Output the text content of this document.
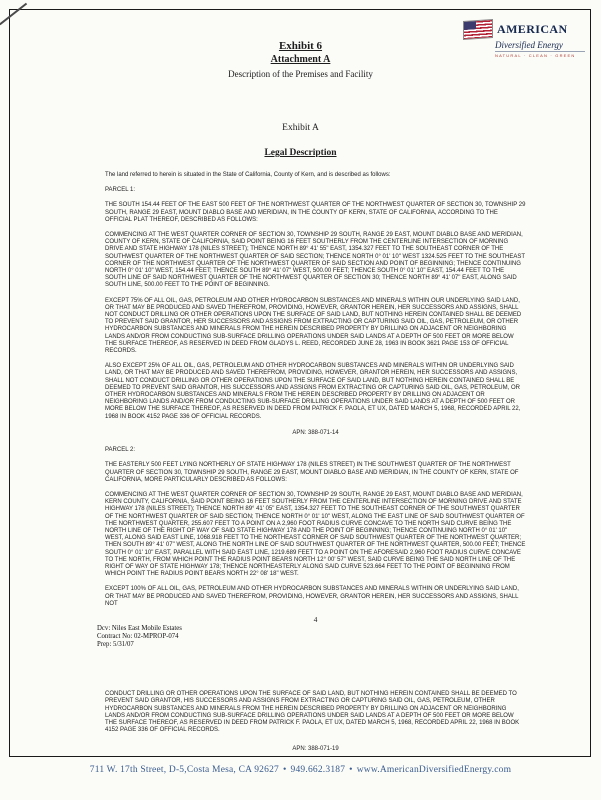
AMERICAN
Diversified Energy
NATURAL · CLEAN · GREEN
Exhibit 6
Attachment A
Description of the Premises and Facility
Exhibit A
Legal Description

The land referred to herein is situated in the State of California, County of Kern, and is described as follows:

PARCEL 1:

THE SOUTH 154.44 FEET OF THE EAST 500 FEET OF THE NORTHWEST QUARTER OF THE NORTHWEST QUARTER OF SECTION 30, TOWNSHIP 29 SOUTH, RANGE 29 EAST, MOUNT DIABLO BASE AND MERIDIAN, IN THE COUNTY OF KERN, STATE OF CALIFORNIA, ACCORDING TO THE OFFICIAL PLAT THEREOF, DESCRIBED AS FOLLOWS:

COMMENCING AT THE WEST QUARTER CORNER OF SECTION 30, TOWNSHIP 29 SOUTH, RANGE 29 EAST, MOUNT DIABLO BASE AND MERIDIAN, COUNTY OF KERN, STATE OF CALIFORNIA, SAID POINT BEING 16 FEET SOUTHERLY FROM THE CENTERLINE INTERSECTION OF MORNING DRIVE AND STATE HIGHWAY 178 (NILES STREET); THENCE NORTH 89° 41' 55" EAST, 1354.327 FEET TO THE SOUTHEAST CORNER OF THE SOUTHWEST QUARTER OF THE NORTHWEST QUARTER OF SAID SECTION; THENCE NORTH 0° 01' 10" WEST 1324.525 FEET TO THE SOUTHEAST CORNER OF THE NORTHWEST QUARTER OF THE NORTHWEST QUARTER OF SAID SECTION AND POINT OF BEGINNING; THENCE CONTINUING NORTH 0° 01' 10" WEST, 154.44 FEET; THENCE SOUTH 89° 41' 07" WEST, 500.00 FEET; THENCE SOUTH 0° 01' 10" EAST, 154.44 FEET TO THE SOUTH LINE OF SAID NORTHWEST QUARTER OF THE NORTHWEST QUARTER OF SECTION 30; THENCE NORTH 89° 41' 07" EAST, ALONG SAID SOUTH LINE, 500.00 FEET TO THE POINT OF BEGINNING.

EXCEPT 75% OF ALL OIL, GAS, PETROLEUM AND OTHER HYDROCARBON SUBSTANCES AND MINERALS WITHIN OUR UNDERLYING SAID LAND, OR THAT MAY BE PRODUCED AND SAVED THEREFROM, PROVIDING, HOWEVER, GRANTOR HEREIN, HER SUCCESSORS AND ASSIGNS, SHALL NOT CONDUCT DRILLING OR OTHER OPERATIONS UPON THE SURFACE OF SAID LAND, BUT NOTHING HEREIN CONTAINED SHALL BE DEEMED TO PREVENT SAID GRANTOR, HER SUCCESSORS AND ASSIGNS FROM EXTRACTING OR CAPTURING SAID OIL, GAS, PETROLEUM, OR OTHER HYDROCARBON SUBSTANCES AND MINERALS FROM THE HEREIN DESCRIBED PROPERTY BY DRILLING ON ADJACENT OR NEIGHBORING LANDS AND/OR FROM CONDUCTING SUB-SURFACE DRILLING OPERATIONS UNDER SAID LANDS AT A DEPTH OF 500 FEET OR MORE BELOW THE SURFACE THEREOF, AS RESERVED IN DEED FROM GLADYS L. REED, RECORDED JUNE 28, 1963 IN BOOK 3621 PAGE 153 OF OFFICIAL RECORDS.

ALSO EXCEPT 25% OF ALL OIL, GAS, PETROLEUM AND OTHER HYDROCARBON SUBSTANCES AND MINERALS WITHIN OR UNDERLYING SAID LAND, OR THAT MAY BE PRODUCED AND SAVED THEREFROM, PROVIDING, HOWEVER, GRANTOR HEREIN, HER SUCCESSORS AND ASSIGNS, SHALL NOT CONDUCT DRILLING OR OTHER OPERATIONS UPON THE SURFACE OF SAID LAND, BUT NOTHING HEREIN CONTAINED SHALL BE DEEMED TO PREVENT SAID GRANTOR, HIS SUCCESSORS AND ASSIGNS FROM EXTRACTING OR CAPTURING SAID OIL, GAS, PETROLEUM, OR OTHER HYDROCARBON SUBSTANCES AND MINERALS FROM THE HEREIN DESCRIBED PROPERTY BY DRILLING ON ADJACENT OR NEIGHBORING LANDS AND/OR FROM CONDUCTING SUB-SURFACE DRILLING OPERATIONS UNDER SAID LANDS AT A DEPTH OF 500 FEET OR MORE BELOW THE SURFACE THEREOF, AS RESERVED IN DEED FROM PATRICK F. PAOLA, ET UX, DATED MARCH 5, 1968, RECORDED APRIL 22, 1968 IN BOOK 4152 PAGE 336 OF OFFICIAL RECORDS.

APN: 388-071-14

PARCEL 2:

THE EASTERLY 500 FEET LYING NORTHERLY OF STATE HIGHWAY 178 (NILES STREET) IN THE SOUTHWEST QUARTER OF THE NORTHWEST QUARTER OF SECTION 30, TOWNSHIP 29 SOUTH, RANGE 29 EAST, MOUNT DIABLO BASE AND MERIDIAN, IN THE COUNTY OF KERN, STATE OF CALIFORNIA, MORE PARTICULARLY DESCRIBED AS FOLLOWS:

COMMENCING AT THE WEST QUARTER CORNER OF SECTION 30, TOWNSHIP 29 SOUTH, RANGE 29 EAST, MOUNT DIABLO BASE AND MERIDIAN, KERN COUNTY, CALIFORNIA, SAID POINT BEING 16 FEET SOUTHERLY FROM THE CENTERLINE INTERSECTION OF MORNING DRIVE AND STATE HIGHWAY 178 (NILES STREET); THENCE NORTH 89° 41' 05" EAST, 1354.327 FEET TO THE SOUTHEAST CORNER OF THE SOUTHWEST QUARTER OF THE NORTHWEST QUARTER OF SAID SECTION; THENCE NORTH 0° 01' 10" WEST, ALONG THE EAST LINE OF SAID SOUTHWEST QUARTER OF THE NORTHWEST QUARTER, 255.607 FEET TO A POINT ON A 2,960 FOOT RADIUS CURVE CONCAVE TO THE NORTH SAID CURVE BEING THE NORTH LINE OF THE RIGHT OF WAY OF SAID STATE HIGHWAY 178 AND THE POINT OF BEGINNING; THENCE CONTINUING NORTH 0° 01' 10" WEST, ALONG SAID EAST LINE, 1068.918 FEET TO THE NORTHEAST CORNER OF SAID SOUTHWEST QUARTER OF THE NORTHWEST QUARTER; THEN SOUTH 89° 41' 07" WEST, ALONG THE NORTH LINE OF SAID SOUTHWEST QUARTER OF THE NORTHWEST QUARTER, 500.00 FEET; THENCE SOUTH 0° 01' 10" EAST, PARALLEL WITH SAID EAST LINE, 1219.689 FEET TO A POINT ON THE AFORESAID 2,960 FOOT RADIUS CURVE CONCAVE TO THE NORTH, FROM WHICH POINT THE RADIUS POINT BEARS NORTH 12° 00' 57" WEST, SAID CURVE BEING THE SAID NORTH LINE OF THE RIGHT OF WAY OF STATE HIGHWAY 178; THENCE NORTHEASTERLY ALONG SAID CURVE 523.664 FEET TO THE POINT OF BEGINNING FROM WHICH POINT THE RADIUS POINT BEARS NORTH 22° 08' 18" WEST.

EXCEPT 100% OF ALL OIL, GAS, PETROLEUM AND OTHER HYDROCARBON SUBSTANCES AND MINERALS WITHIN OR UNDERLYING SAID LAND, OR THAT MAY BE PRODUCED AND SAVED THEREFROM, PROVIDING, HOWEVER, GRANTOR HEREIN, HER SUCCESSORS AND ASSIGNS, SHALL NOT

4
Dcv: Niles East Mobile Estates
Contract No: 02-MPROP-074
Prep: 5/31/07

CONDUCT DRILLING OR OTHER OPERATIONS UPON THE SURFACE OF SAID LAND, BUT NOTHING HEREIN CONTAINED SHALL BE DEEMED TO PREVENT SAID GRANTOR, HIS SUCCESSORS AND ASSIGNS FROM EXTRACTING OR CAPTURING SAID OIL, GAS, PETROLEUM, OTHER HYDROCARBON SUBSTANCES AND MINERALS FROM THE HEREIN DESCRIBED PROPERTY BY DRILLING ON ADJACENT OR NEIGHBORING LANDS AND/OR FROM CONDUCTING SUB-SURFACE DRILLING OPERATIONS UNDER SAID LANDS AT A DEPTH OF 500 FEET OR MORE BELOW THE SURFACE THEREOF, AS RESERVED IN DEED FROM PATRICK F. PAOLA, ET UX, DATED MARCH 5, 1968, RECORDED APRIL 22, 1968 IN BOOK 4152 PAGE 336 OF OFFICIAL RECORDS.

APN: 388-071-19

711 W. 17th Street, D-5,Costa Mesa, CA 92627 • 949.662.3187 • www.AmericanDiversifiedEnergy.com
